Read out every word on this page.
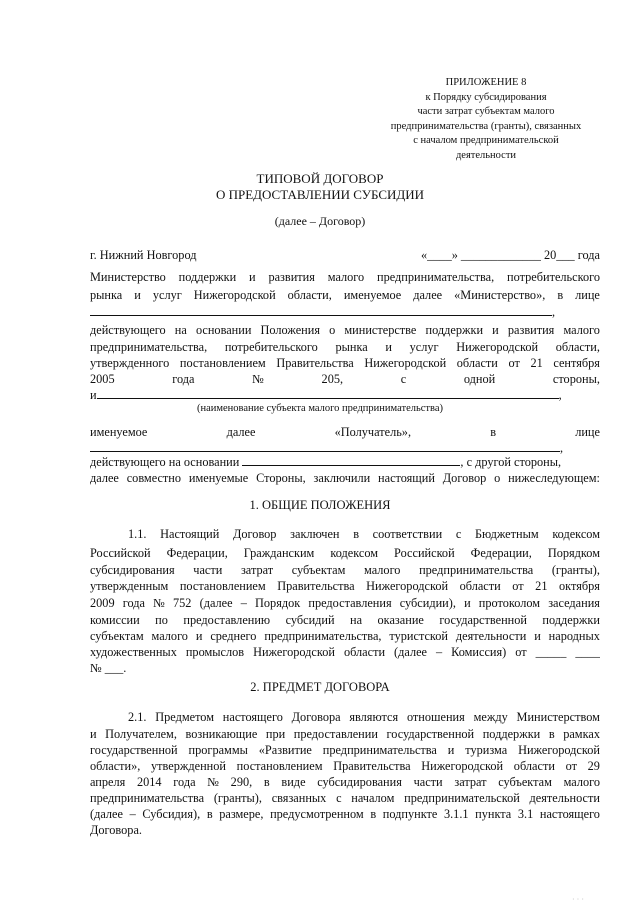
ПРИЛОЖЕНИЕ 8
к Порядку субсидирования
части затрат субъектам малого
предпринимательства (гранты), связанных
с началом предпринимательской
деятельности
ТИПОВОЙ ДОГОВОР
О ПРЕДОСТАВЛЕНИИ СУБСИДИИ
(далее – Договор)
г. Нижний Новгород	«____» _____________ 20___ года
Министерство поддержки и развития малого предпринимательства, потребительского
рынка и услуг Нижегородской области, именуемое далее «Министерство», в лице
,
действующего на основании Положения о министерстве поддержки и развития малого
предпринимательства, потребительского рынка и услуг Нижегородской области,
утвержденного постановлением Правительства Нижегородской области от 21 сентября
2005	года	№	205,	с	одной	стороны,
и	,
(наименование субъекта малого предпринимательства)
именуемое	далее	«Получатель»,	в	лице
,
действующего на основании	, с другой стороны,
далее совместно именуемые Стороны, заключили настоящий Договор о нижеследующем:
1. ОБЩИЕ ПОЛОЖЕНИЯ
1.1. Настоящий Договор заключен в соответствии с Бюджетным кодексом
Российской Федерации, Гражданским кодексом Российской Федерации, Порядком
субсидирования части затрат субъектам малого предпринимательства (гранты),
утвержденным постановлением Правительства Нижегородской области от 21 октября
2009 года № 752 (далее – Порядок предоставления субсидии), и протоколом заседания
комиссии по предоставлению субсидий на оказание государственной поддержки
субъектам малого и среднего предпринимательства, туристской деятельности и народных
художественных промыслов Нижегородской области (далее – Комиссия) от _____ ____
№ ___.
2. ПРЕДМЕТ ДОГОВОРА
2.1. Предметом настоящего Договора являются отношения между Министерством
и Получателем, возникающие при предоставлении государственной поддержки в рамках
государственной программы «Развитие предпринимательства и туризма Нижегородской
области», утвержденной постановлением Правительства Нижегородской области от 29
апреля 2014 года № 290, в виде субсидирования части затрат субъектам малого
предпринимательства (гранты), связанных с началом предпринимательской деятельности
(далее – Субсидия), в размере, предусмотренном в подпункте 3.1.1 пункта 3.1 настоящего
Договора.
· · ·
